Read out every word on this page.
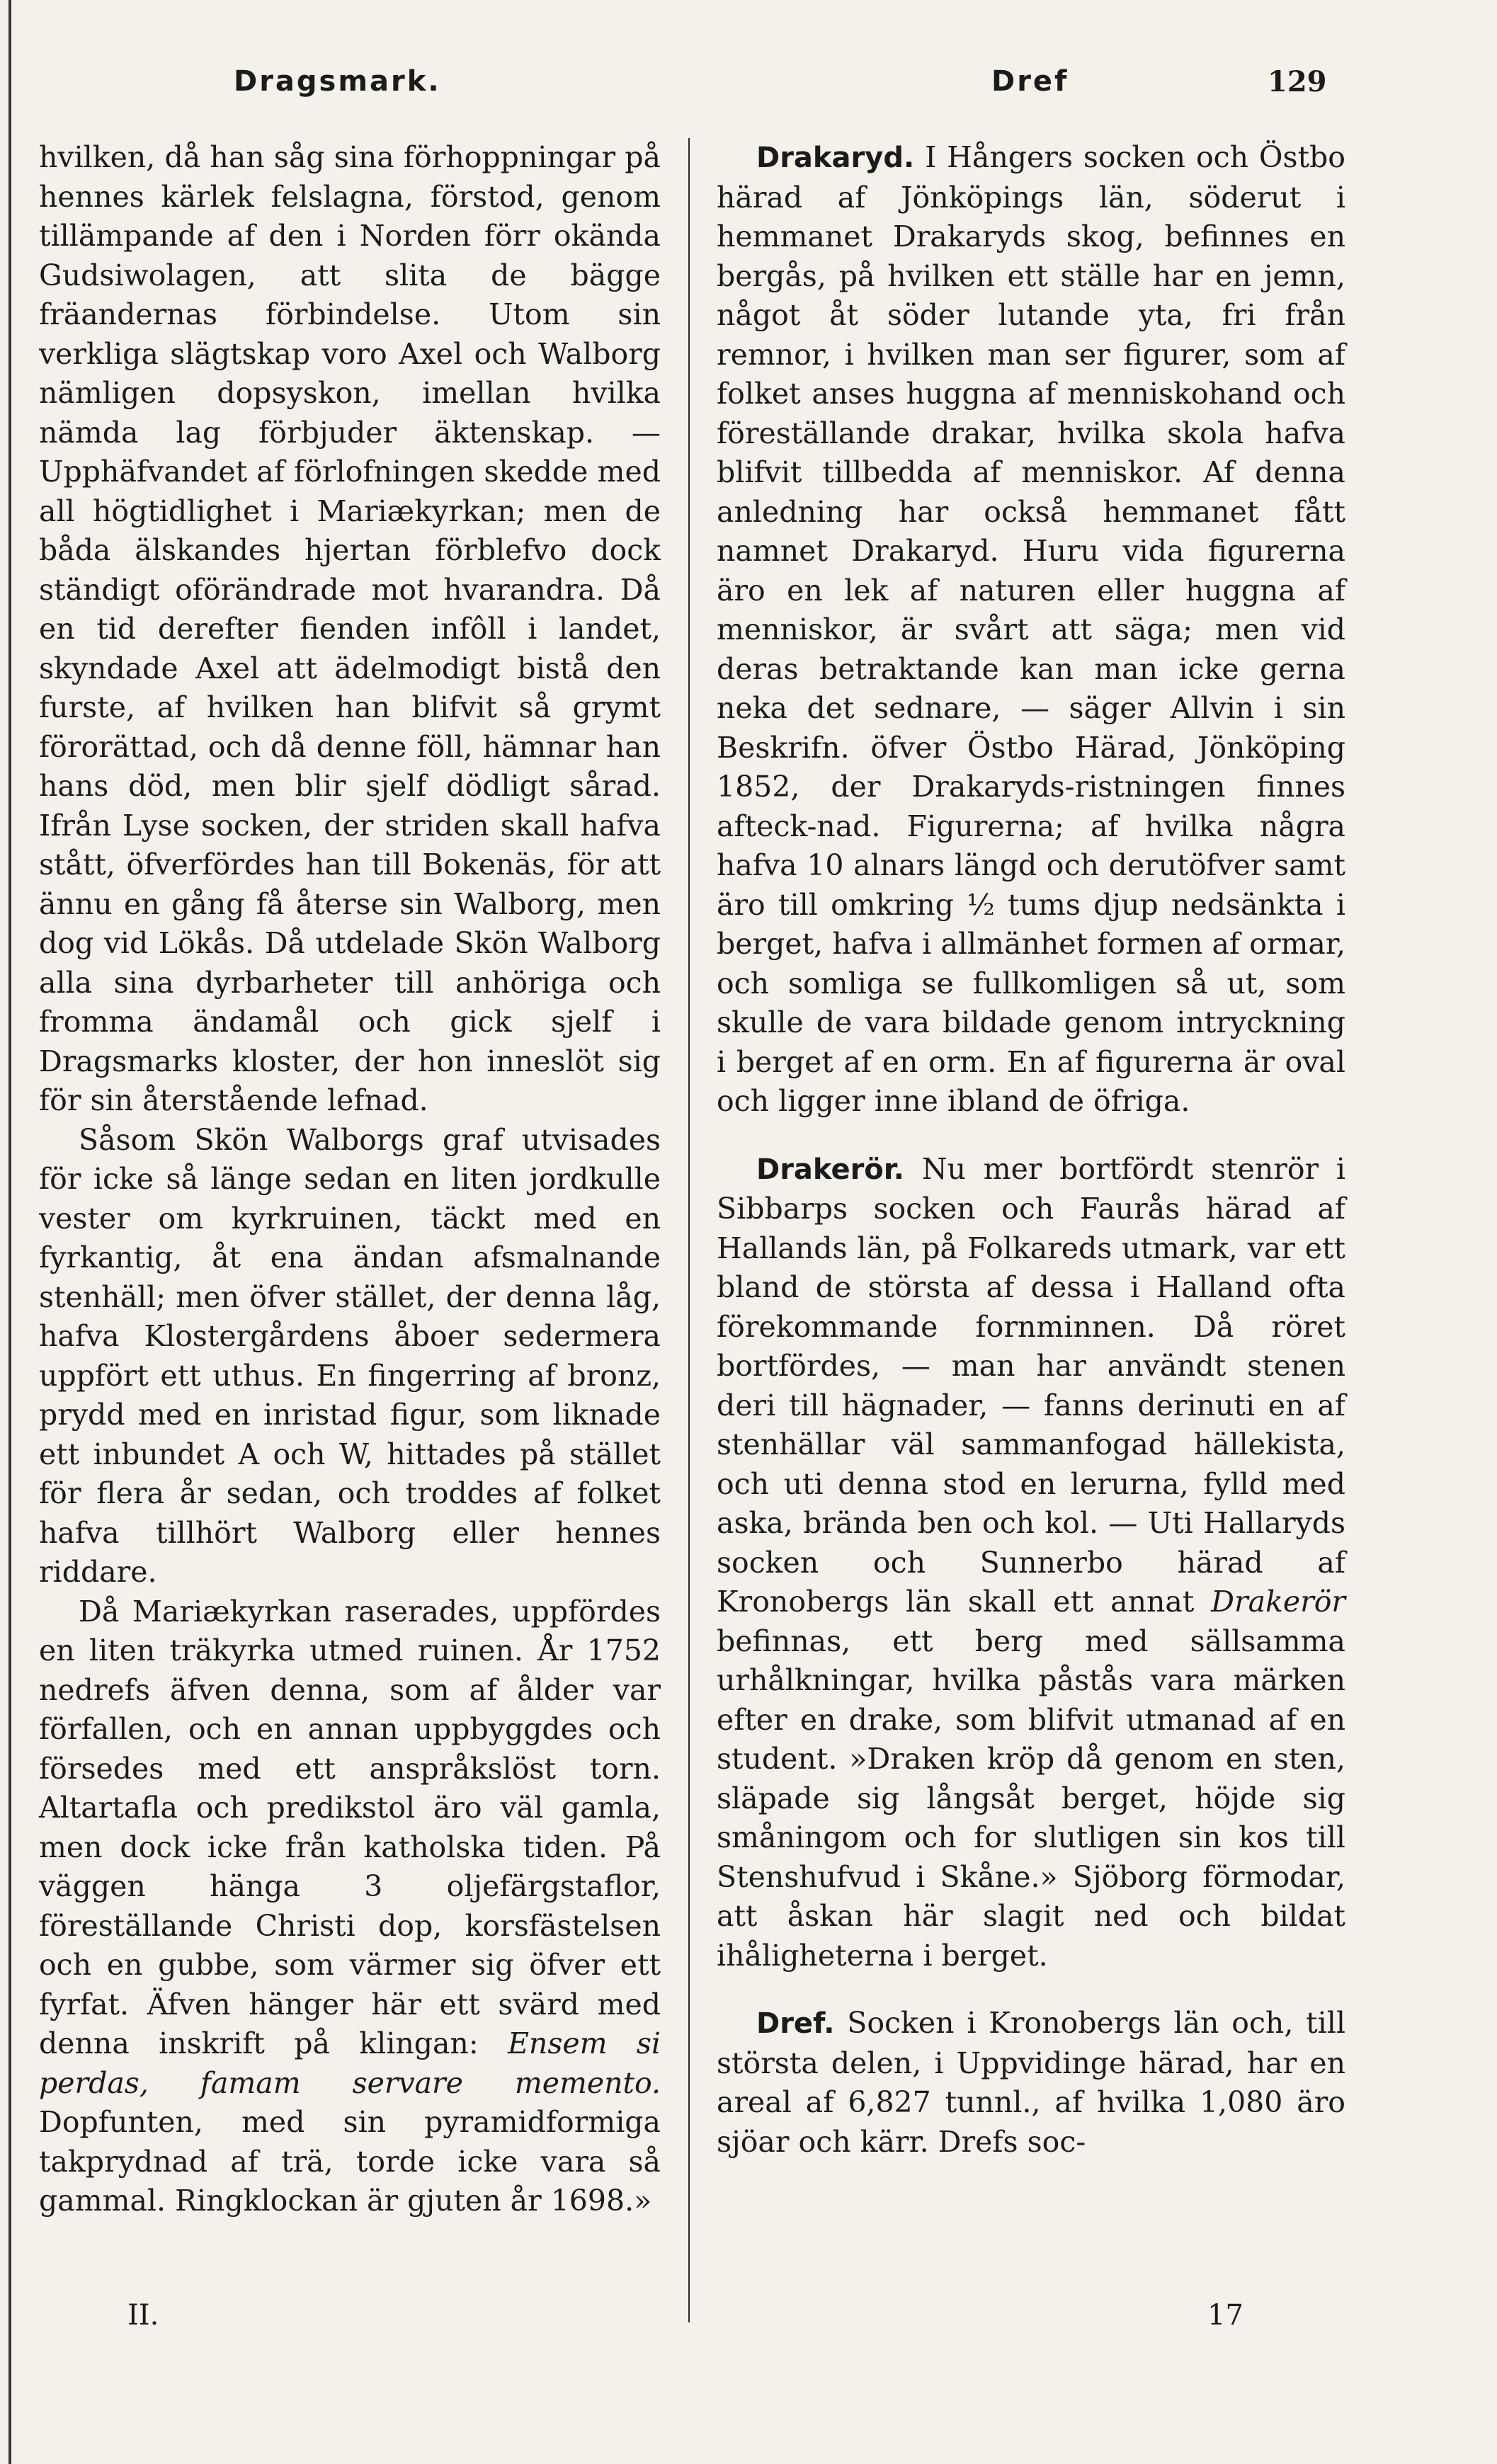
Dragsmark.	Dref	129

hvilken, då han såg sina förhoppningar på hennes kärlek felslagna, förstod, genom tillämpande af den i Norden förr okända Gudsiwolagen, att slita de bägge fräandernas förbindelse. Utom sin verkliga slägtskap voro Axel och Walborg nämligen dopsyskon, imellan hvilka nämda lag förbjuder äktenskap. — Upphäfvandet af förlofningen skedde med all högtidlighet i Mariækyrkan; men de båda älskandes hjertan förblefvo dock ständigt oförändrade mot hvarandra. Då en tid derefter fienden infôll i landet, skyndade Axel att ädelmodigt bistå den furste, af hvilken han blifvit så grymt förorättad, och då denne föll, hämnar han hans död, men blir sjelf dödligt sårad. Ifrån Lyse socken, der striden skall hafva stått, öfverfördes han till Bokenäs, för att ännu en gång få återse sin Walborg, men dog vid Lökås. Då utdelade Skön Walborg alla sina dyrbarheter till anhöriga och fromma ändamål och gick sjelf i Dragsmarks kloster, der hon inneslöt sig för sin återstående lefnad.

Såsom Skön Walborgs graf utvisades för icke så länge sedan en liten jordkulle vester om kyrkruinen, täckt med en fyrkantig, åt ena ändan afsmalnande stenhäll; men öfver stället, der denna låg, hafva Klostergårdens åboer sedermera uppfört ett uthus. En fingerring af bronz, prydd med en inristad figur, som liknade ett inbundet A och W, hittades på stället för flera år sedan, och troddes af folket hafva tillhört Walborg eller hennes riddare.

Då Mariækyrkan raserades, uppfördes en liten träkyrka utmed ruinen. År 1752 nedrefs äfven denna, som af ålder var förfallen, och en annan uppbyggdes och försedes med ett anspråkslöst torn. Altartafla och predikstol äro väl gamla, men dock icke från katholska tiden. På väggen hänga 3 oljefärgstaflor, föreställande Christi dop, korsfästelsen och en gubbe, som värmer sig öfver ett fyrfat. Äfven hänger här ett svärd med denna inskrift på klingan: Ensem si perdas, famam servare memento. Dopfunten, med sin pyramidformiga takprydnad af trä, torde icke vara så gammal. Ringklockan är gjuten år 1698.»

Drakaryd. I Hångers socken och Östbo härad af Jönköpings län, söderut i hemmanet Drakaryds skog, befinnes en bergås, på hvilken ett ställe har en jemn, något åt söder lutande yta, fri från remnor, i hvilken man ser figurer, som af folket anses huggna af menniskohand och föreställande drakar, hvilka skola hafva blifvit tillbedda af menniskor. Af denna anledning har också hemmanet fått namnet Drakaryd. Huru vida figurerna äro en lek af naturen eller huggna af menniskor, är svårt att säga; men vid deras betraktande kan man icke gerna neka det sednare, — säger Allvin i sin Beskrifn. öfver Östbo Härad, Jönköping 1852, der Drakaryds-ristningen finnes afteck-nad. Figurerna; af hvilka några hafva 10 alnars längd och derutöfver samt äro till omkring ½ tums djup nedsänkta i berget, hafva i allmänhet formen af ormar, och somliga se fullkomligen så ut, som skulle de vara bildade genom intryckning i berget af en orm. En af figurerna är oval och ligger inne ibland de öfriga.

Drakerör. Nu mer bortfördt stenrör i Sibbarps socken och Faurås härad af Hallands län, på Folkareds utmark, var ett bland de största af dessa i Halland ofta förekommande fornminnen. Då röret bortfördes, — man har användt stenen deri till hägnader, — fanns derinuti en af stenhällar väl sammanfogad hällekista, och uti denna stod en lerurna, fylld med aska, brända ben och kol. — Uti Hallaryds socken och Sunnerbo härad af Kronobergs län skall ett annat Drakerör befinnas, ett berg med sällsamma urhålkningar, hvilka påstås vara märken efter en drake, som blifvit utmanad af en student. »Draken kröp då genom en sten, släpade sig långsåt berget, höjde sig småningom och for slutligen sin kos till Stenshufvud i Skåne.» Sjöborg förmodar, att åskan här slagit ned och bildat ihåligheterna i berget.

Dref. Socken i Kronobergs län och, till största delen, i Uppvidinge härad, har en areal af 6,827 tunnl., af hvilka 1,080 äro sjöar och kärr. Drefs soc-

II.	17
